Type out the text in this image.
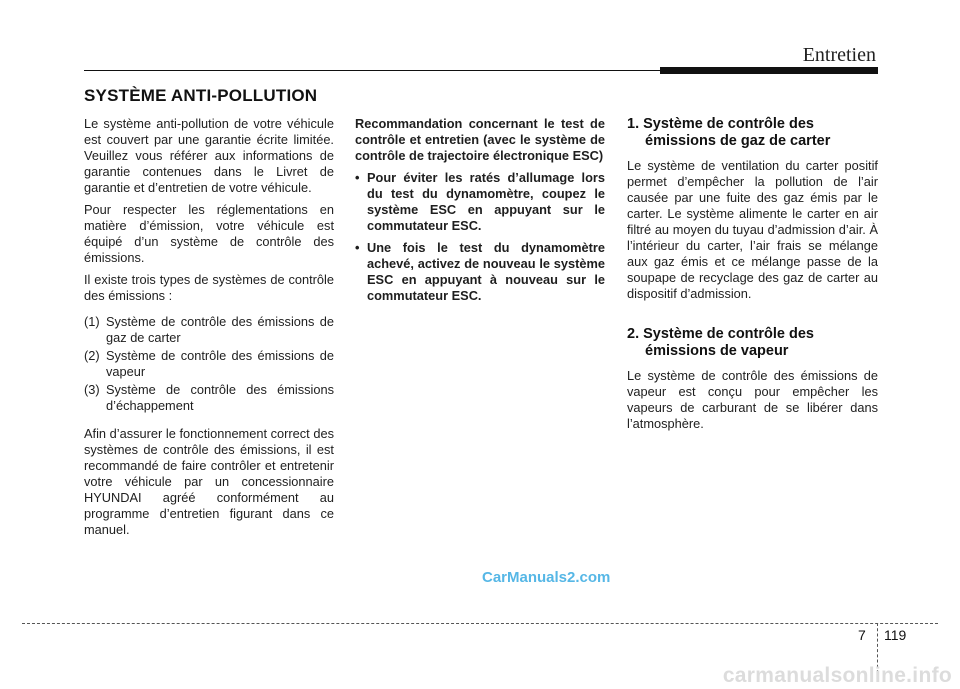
Entretien
SYSTÈME ANTI-POLLUTION

Le système anti-pollution de votre véhicule est couvert par une garantie écrite limitée. Veuillez vous référer aux informations de garantie contenues dans le Livret de garantie et d’entretien de votre véhicule.

Pour respecter les réglementations en matière d’émission, votre véhicule est équipé d’un système de contrôle des émissions.

Il existe trois types de systèmes de contrôle des émissions :

(1) Système de contrôle des émissions de gaz de carter
(2) Système de contrôle des émissions de vapeur
(3) Système de contrôle des émissions d’échappement

Afin d’assurer le fonctionnement correct des systèmes de contrôle des émissions, il est recommandé de faire contrôler et entretenir votre véhicule par un concessionnaire HYUNDAI agréé conformément au programme d’entretien figurant dans ce manuel.

Recommandation concernant le test de contrôle et entretien (avec le système de contrôle de trajectoire électronique ESC)

• Pour éviter les ratés d’allumage lors du test du dynamomètre, coupez le système ESC en appuyant sur le commutateur ESC.
• Une fois le test du dynamomètre achevé, activez de nouveau le système ESC en appuyant à nouveau sur le commutateur ESC.
1. Système de contrôle des
émissions de gaz de carter

Le système de ventilation du carter positif permet d’empêcher la pollution de l’air causée par une fuite des gaz émis par le carter. Le système alimente le carter en air filtré au moyen du tuyau d’admission d’air. À l’intérieur du carter, l’air frais se mélange aux gaz émis et ce mélange passe de la soupape de recyclage des gaz de carter au dispositif d’admission.

2. Système de contrôle des
émissions de vapeur

Le système de contrôle des émissions de vapeur est conçu pour empêcher les vapeurs de carburant de se libérer dans l’atmosphère.

CarManuals2.com
7 119
carmanualsonline.info
